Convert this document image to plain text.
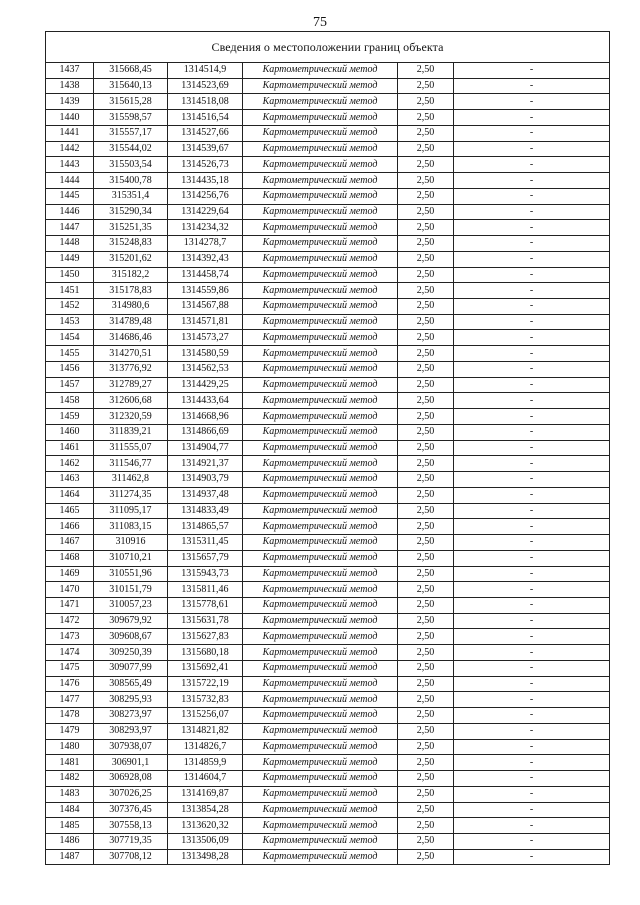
75
Сведения о местоположении границ объекта					
1437	315668,45	1314514,9	Картометрический метод	2,50	-
1438	315640,13	1314523,69	Картометрический метод	2,50	-
1439	315615,28	1314518,08	Картометрический метод	2,50	-
1440	315598,57	1314516,54	Картометрический метод	2,50	-
1441	315557,17	1314527,66	Картометрический метод	2,50	-
1442	315544,02	1314539,67	Картометрический метод	2,50	-
1443	315503,54	1314526,73	Картометрический метод	2,50	-
1444	315400,78	1314435,18	Картометрический метод	2,50	-
1445	315351,4	1314256,76	Картометрический метод	2,50	-
1446	315290,34	1314229,64	Картометрический метод	2,50	-
1447	315251,35	1314234,32	Картометрический метод	2,50	-
1448	315248,83	1314278,7	Картометрический метод	2,50	-
1449	315201,62	1314392,43	Картометрический метод	2,50	-
1450	315182,2	1314458,74	Картометрический метод	2,50	-
1451	315178,83	1314559,86	Картометрический метод	2,50	-
1452	314980,6	1314567,88	Картометрический метод	2,50	-
1453	314789,48	1314571,81	Картометрический метод	2,50	-
1454	314686,46	1314573,27	Картометрический метод	2,50	-
1455	314270,51	1314580,59	Картометрический метод	2,50	-
1456	313776,92	1314562,53	Картометрический метод	2,50	-
1457	312789,27	1314429,25	Картометрический метод	2,50	-
1458	312606,68	1314433,64	Картометрический метод	2,50	-
1459	312320,59	1314668,96	Картометрический метод	2,50	-
1460	311839,21	1314866,69	Картометрический метод	2,50	-
1461	311555,07	1314904,77	Картометрический метод	2,50	-
1462	311546,77	1314921,37	Картометрический метод	2,50	-
1463	311462,8	1314903,79	Картометрический метод	2,50	-
1464	311274,35	1314937,48	Картометрический метод	2,50	-
1465	311095,17	1314833,49	Картометрический метод	2,50	-
1466	311083,15	1314865,57	Картометрический метод	2,50	-
1467	310916	1315311,45	Картометрический метод	2,50	-
1468	310710,21	1315657,79	Картометрический метод	2,50	-
1469	310551,96	1315943,73	Картометрический метод	2,50	-
1470	310151,79	1315811,46	Картометрический метод	2,50	-
1471	310057,23	1315778,61	Картометрический метод	2,50	-
1472	309679,92	1315631,78	Картометрический метод	2,50	-
1473	309608,67	1315627,83	Картометрический метод	2,50	-
1474	309250,39	1315680,18	Картометрический метод	2,50	-
1475	309077,99	1315692,41	Картометрический метод	2,50	-
1476	308565,49	1315722,19	Картометрический метод	2,50	-
1477	308295,93	1315732,83	Картометрический метод	2,50	-
1478	308273,97	1315256,07	Картометрический метод	2,50	-
1479	308293,97	1314821,82	Картометрический метод	2,50	-
1480	307938,07	1314826,7	Картометрический метод	2,50	-
1481	306901,1	1314859,9	Картометрический метод	2,50	-
1482	306928,08	1314604,7	Картометрический метод	2,50	-
1483	307026,25	1314169,87	Картометрический метод	2,50	-
1484	307376,45	1313854,28	Картометрический метод	2,50	-
1485	307558,13	1313620,32	Картометрический метод	2,50	-
1486	307719,35	1313506,09	Картометрический метод	2,50	-
1487	307708,12	1313498,28	Картометрический метод	2,50	-
